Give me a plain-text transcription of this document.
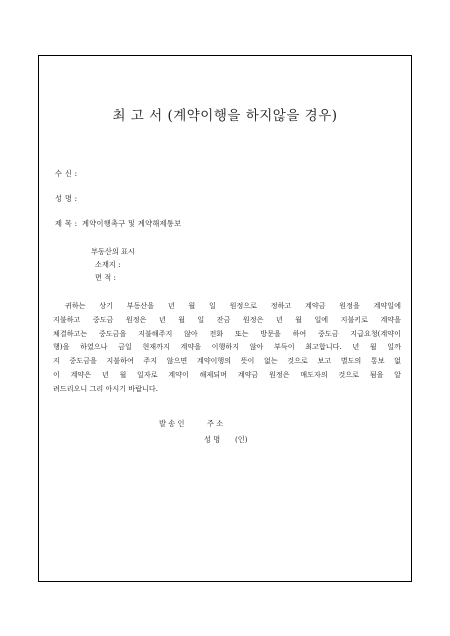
최 고 서 (계약이행을 하지않을 경우)
수 신 :
성 명 :
제 목 : 계약이행촉구 및 계약해제통보
부동산의 표시
소재지 :
면 적 :
귀하는 상기 부동산을 년 월 일 원정으로 정하고 계약금 원정을 계약일에
지불하고 중도금 원정은 년 월 일 잔금 원정은 년 월 일에 지불키로 계약을
체결하고는 중도금을 지불해주지 않아 전화 또는 방문을 하여 중도금 지급요청(계약이
행)을 하였으나 금일 현재까지 계약을 이행하지 않아 부득이 최고합니다. 년 월 일까
지 중도금을 지불하여 주지 않으면 계약이행의 뜻이 없는 것으로 보고 별도의 통보 없
이 계약은 년 월 일자로 계약이 해제되며 계약금 원정은 매도자의 것으로 됨을 알
려드리오니 그리 아시기 바랍니다.
발 송 인	주 소
성 명 (인)
